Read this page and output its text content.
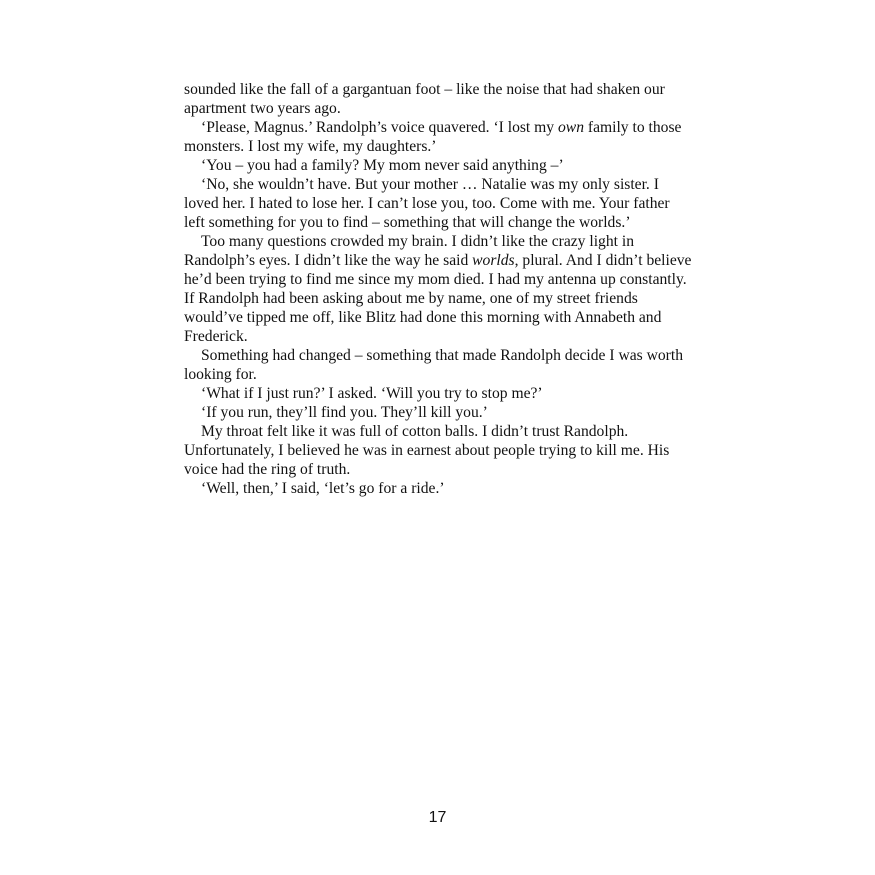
sounded like the fall of a gargantuan foot – like the noise that had shaken our apartment two years ago.

‘Please, Magnus.’ Randolph’s voice quavered. ‘I lost my own family to those monsters. I lost my wife, my daughters.’

‘You – you had a family? My mom never said anything –’

‘No, she wouldn’t have. But your mother … Natalie was my only sister. I loved her. I hated to lose her. I can’t lose you, too. Come with me. Your father left something for you to find – something that will change the worlds.’

Too many questions crowded my brain. I didn’t like the crazy light in Randolph’s eyes. I didn’t like the way he said worlds, plural. And I didn’t believe he’d been trying to find me since my mom died. I had my antenna up constantly. If Randolph had been asking about me by name, one of my street friends would’ve tipped me off, like Blitz had done this morning with Annabeth and Frederick.

Something had changed – something that made Randolph decide I was worth looking for.

‘What if I just run?’ I asked. ‘Will you try to stop me?’

‘If you run, they’ll find you. They’ll kill you.’

My throat felt like it was full of cotton balls. I didn’t trust Randolph. Unfortunately, I believed he was in earnest about people trying to kill me. His voice had the ring of truth.

‘Well, then,’ I said, ‘let’s go for a ride.’

17
